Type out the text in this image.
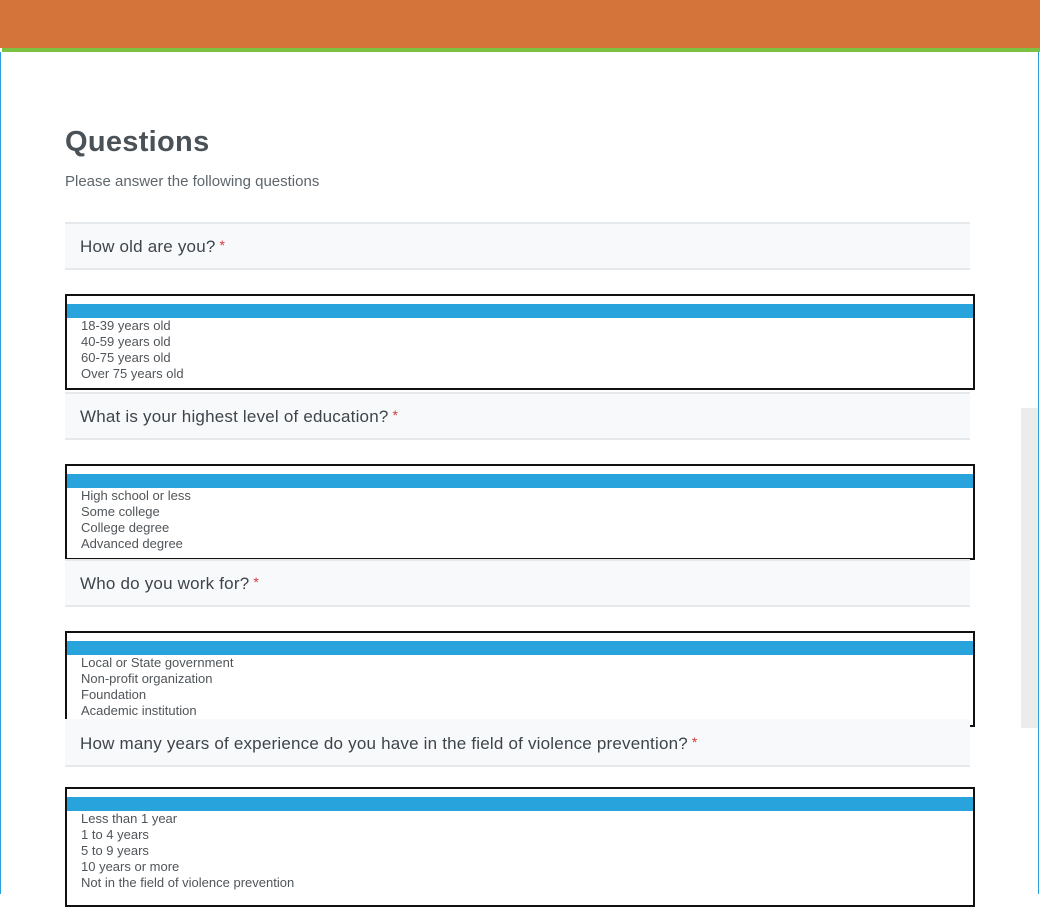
Questions
Please answer the following questions
How old are you? *
18-39 years old
40-59 years old
60-75 years old
Over 75 years old
What is your highest level of education? *
High school or less
Some college
College degree
Advanced degree
Who do you work for? *
Local or State government
Non-profit organization
Foundation
Academic institution
How many years of experience do you have in the field of violence prevention? *
Less than 1 year
1 to 4 years
5 to 9 years
10 years or more
Not in the field of violence prevention
